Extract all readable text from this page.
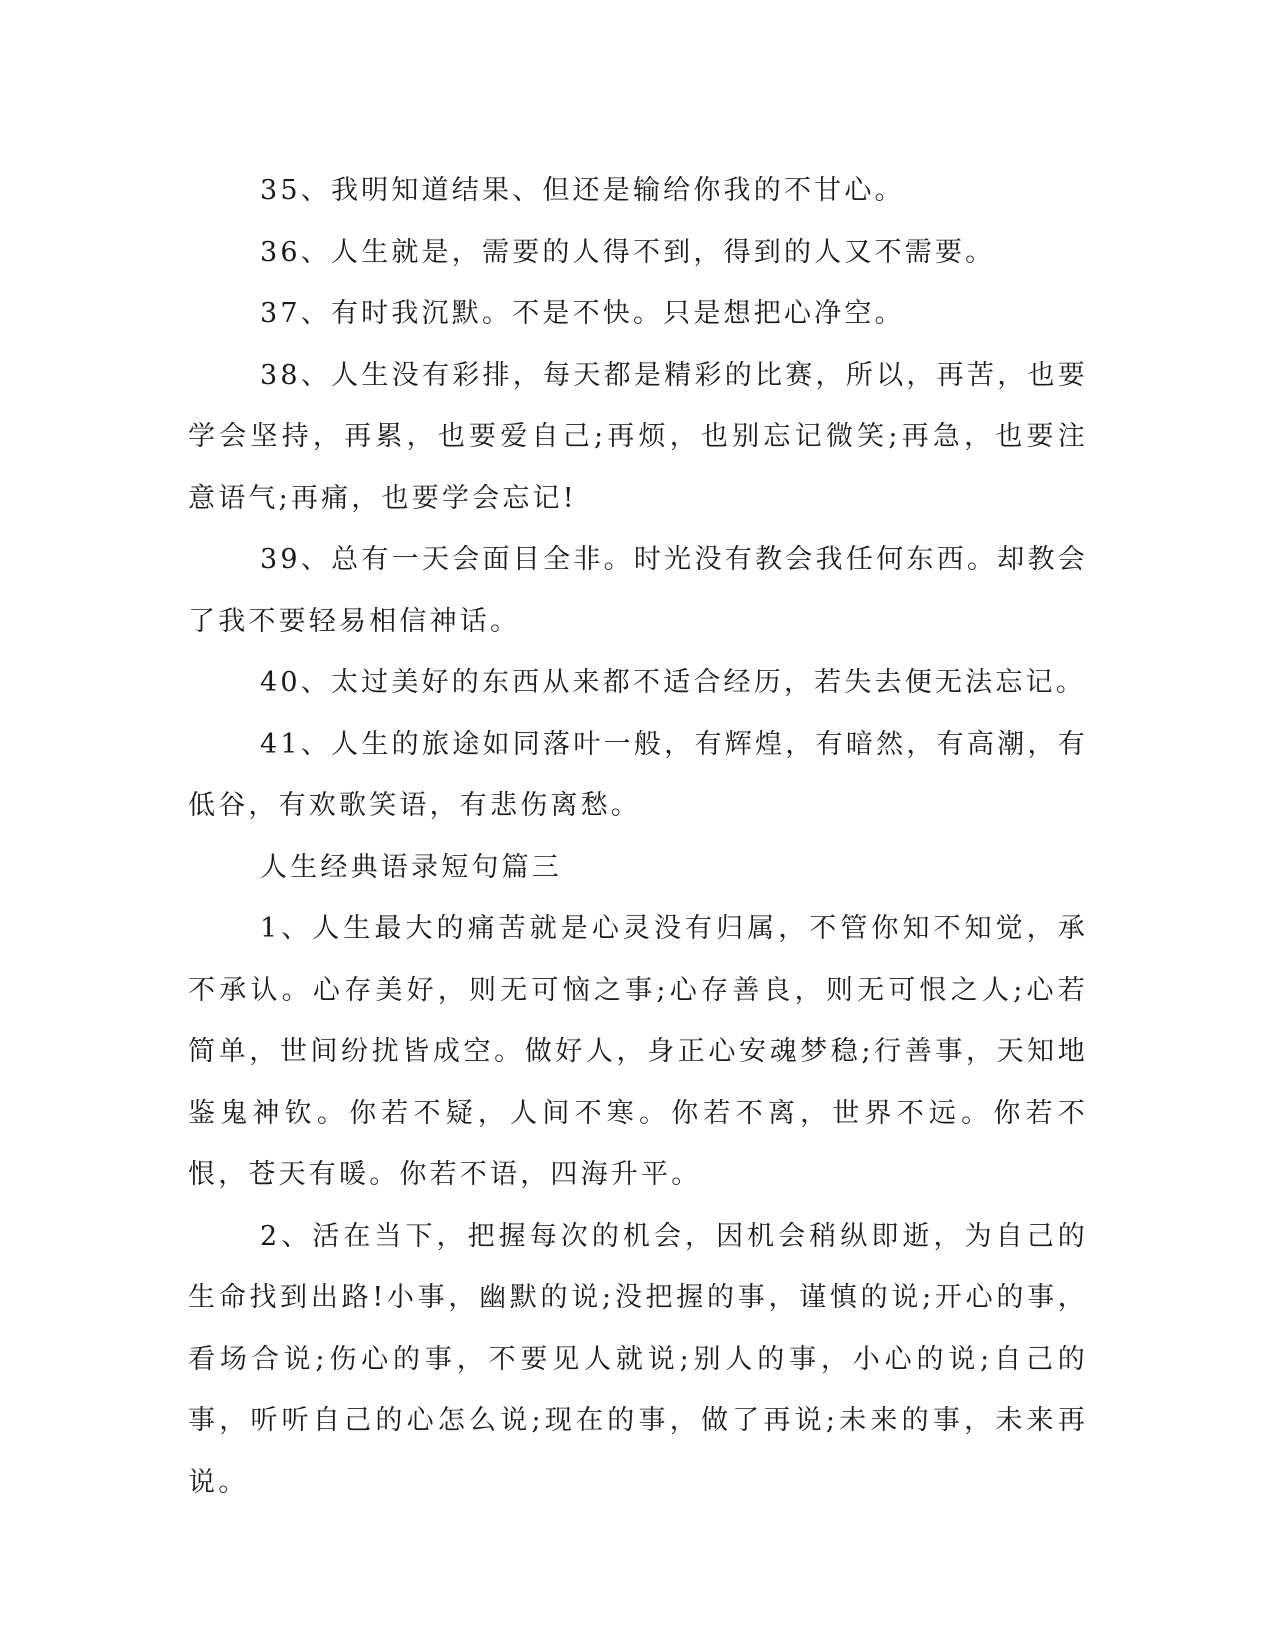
35、我明知道结果、但还是输给你我的不甘心。

36、人生就是，需要的人得不到，得到的人又不需要。

37、有时我沉默。不是不快。只是想把心净空。

38、人生没有彩排，每天都是精彩的比赛，所以，再苦，也要学会坚持，再累，也要爱自己;再烦，也别忘记微笑;再急，也要注意语气;再痛，也要学会忘记!

39、总有一天会面目全非。时光没有教会我任何东西。却教会了我不要轻易相信神话。

40、太过美好的东西从来都不适合经历，若失去便无法忘记。

41、人生的旅途如同落叶一般，有辉煌，有暗然，有高潮，有低谷，有欢歌笑语，有悲伤离愁。

人生经典语录短句篇三

1、人生最大的痛苦就是心灵没有归属，不管你知不知觉，承不承认。心存美好，则无可恼之事;心存善良，则无可恨之人;心若简单，世间纷扰皆成空。做好人，身正心安魂梦稳;行善事，天知地鉴鬼神钦。你若不疑，人间不寒。你若不离，世界不远。你若不恨，苍天有暖。你若不语，四海升平。

2、活在当下，把握每次的机会，因机会稍纵即逝，为自己的生命找到出路!小事，幽默的说;没把握的事，谨慎的说;开心的事，看场合说;伤心的事，不要见人就说;别人的事，小心的说;自己的事，听听自己的心怎么说;现在的事，做了再说;未来的事，未来再说。
